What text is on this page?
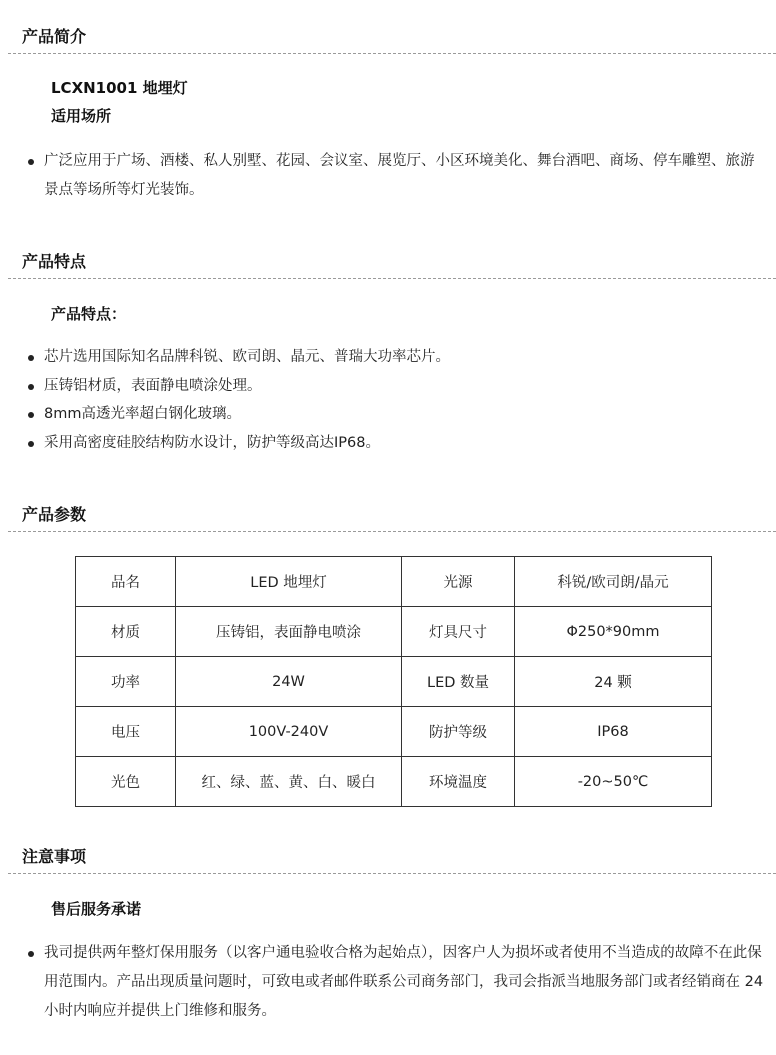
产品简介
LCXN1001 地埋灯
适用场所
广泛应用于广场、酒楼、私人别墅、花园、会议室、展览厅、小区环境美化、舞台酒吧、商场、停车雕塑、旅游景点等场所等灯光装饰。
产品特点
产品特点：
芯片选用国际知名品牌科锐、欧司朗、晶元、普瑞大功率芯片。
压铸铝材质，表面静电喷涂处理。
8mm高透光率超白钢化玻璃。
采用高密度硅胶结构防水设计，防护等级高达IP68。
产品参数
品名	LED 地埋灯	光源	科锐/欧司朗/晶元
材质	压铸铝，表面静电喷涂	灯具尺寸	Φ250*90mm
功率	24W	LED 数量	24 颗
电压	100V-240V	防护等级	IP68
光色	红、绿、蓝、黄、白、暖白	环境温度	-20~50℃
注意事项
售后服务承诺
我司提供两年整灯保用服务（以客户通电验收合格为起始点），因客户人为损坏或者使用不当造成的故障不在此保用范围内。产品出现质量问题时，可致电或者邮件联系公司商务部门，我司会指派当地服务部门或者经销商在 24 小时内响应并提供上门维修和服务。
